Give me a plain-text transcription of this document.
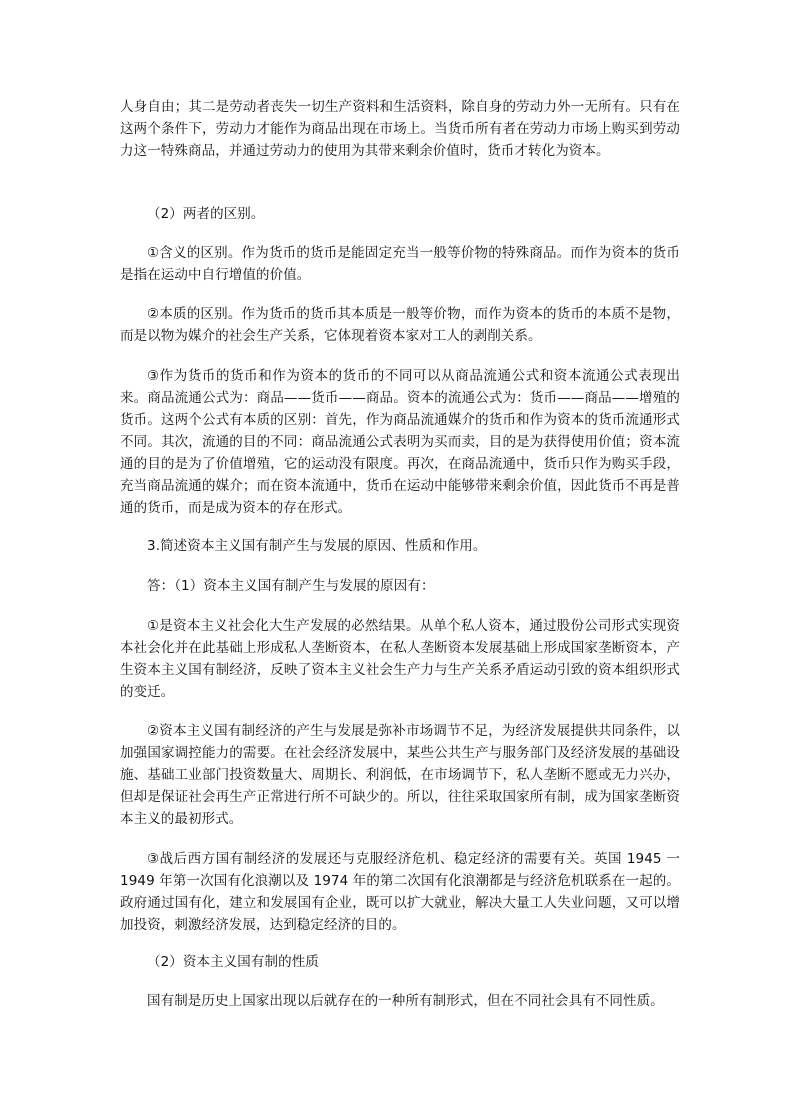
人身自由；其二是劳动者丧失一切生产资料和生活资料，除自身的劳动力外一无所有。只有在这两个条件下，劳动力才能作为商品出现在市场上。当货币所有者在劳动力市场上购买到劳动力这一特殊商品，并通过劳动力的使用为其带来剩余价值时，货币才转化为资本。

（2）两者的区别。

①含义的区别。作为货币的货币是能固定充当一般等价物的特殊商品。而作为资本的货币是指在运动中自行增值的价值。

②本质的区别。作为货币的货币其本质是一般等价物，而作为资本的货币的本质不是物，而是以物为媒介的社会生产关系，它体现着资本家对工人的剥削关系。

③作为货币的货币和作为资本的货币的不同可以从商品流通公式和资本流通公式表现出来。商品流通公式为：商品——货币——商品。资本的流通公式为：货币——商品——增殖的货币。这两个公式有本质的区别：首先，作为商品流通媒介的货币和作为资本的货币流通形式不同。其次，流通的目的不同：商品流通公式表明为买而卖，目的是为获得使用价值；资本流通的目的是为了价值增殖，它的运动没有限度。再次，在商品流通中，货币只作为购买手段，充当商品流通的媒介；而在资本流通中，货币在运动中能够带来剩余价值，因此货币不再是普通的货币，而是成为资本的存在形式。

3.简述资本主义国有制产生与发展的原因、性质和作用。

答：（1）资本主义国有制产生与发展的原因有：

①是资本主义社会化大生产发展的必然结果。从单个私人资本，通过股份公司形式实现资本社会化并在此基础上形成私人垄断资本，在私人垄断资本发展基础上形成国家垄断资本，产生资本主义国有制经济，反映了资本主义社会生产力与生产关系矛盾运动引致的资本组织形式的变迁。

②资本主义国有制经济的产生与发展是弥补市场调节不足，为经济发展提供共同条件，以加强国家调控能力的需要。在社会经济发展中，某些公共生产与服务部门及经济发展的基础设施、基础工业部门投资数量大、周期长、利润低，在市场调节下，私人垄断不愿或无力兴办，但却是保证社会再生产正常进行所不可缺少的。所以，往往采取国家所有制，成为国家垄断资本主义的最初形式。

③战后西方国有制经济的发展还与克服经济危机、稳定经济的需要有关。英国 1945 一 1949 年第一次国有化浪潮以及 1974 年的第二次国有化浪潮都是与经济危机联系在一起的。政府通过国有化，建立和发展国有企业，既可以扩大就业，解决大量工人失业问题，又可以增加投资，刺激经济发展，达到稳定经济的目的。

（2）资本主义国有制的性质

国有制是历史上国家出现以后就存在的一种所有制形式，但在不同社会具有不同性质。
